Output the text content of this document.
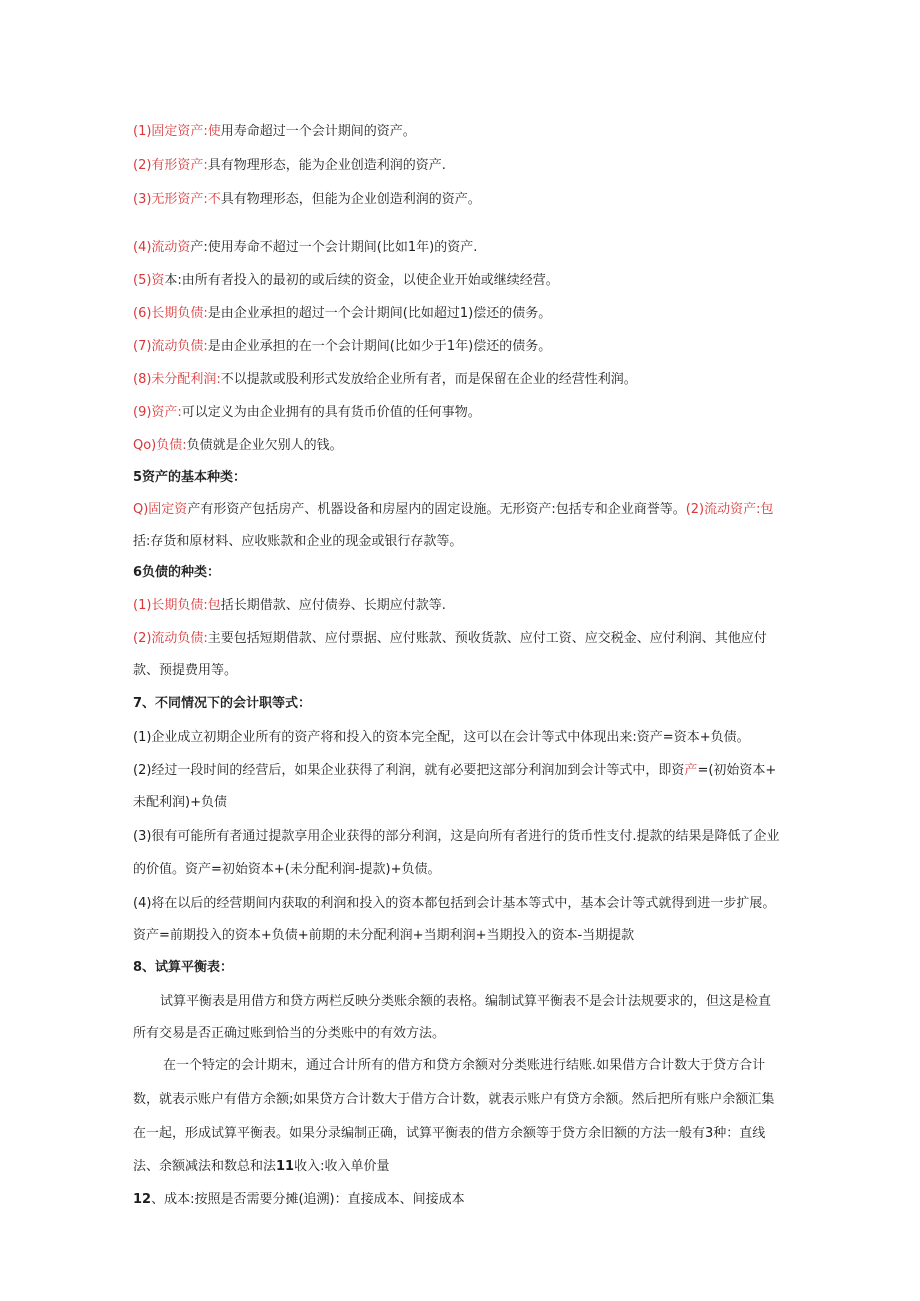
(1)固定资产:使用寿命超过一个会计期间的资产。
(2)有形资产:具有物理形态，能为企业创造利润的资产.
(3)无形资产:不具有物理形态，但能为企业创造利润的资产。
(4)流动资产:使用寿命不超过一个会计期间(比如1年)的资产.
(5)资本:由所有者投入的最初的或后续的资金，以使企业开始或继续经营。
(6)长期负债:是由企业承担的超过一个会计期间(比如超过1)偿还的债务。
(7)流动负债:是由企业承担的在一个会计期间(比如少于1年)偿还的债务。
(8)未分配利润:不以提款或股利形式发放给企业所有者，而是保留在企业的经营性利润。
(9)资产:可以定义为由企业拥有的具有货币价值的任何事物。
Qo)负债:负债就是企业欠别人的钱。
5资产的基本种类：
Q)固定资产有形资产包括房产、机器设备和房屋内的固定设施。无形资产:包括专和企业商誉等。(2)流动资产:包
括:存货和原材料、应收账款和企业的现金或银行存款等。
6负债的种类：
(1)长期负债:包括长期借款、应付债券、长期应付款等.
(2)流动负债:主要包括短期借款、应付票据、应付账款、预收货款、应付工资、应交税金、应付利润、其他应付
款、预提费用等。
7、不同情况下的会计职等式：
(1)企业成立初期企业所有的资产将和投入的资本完全配，这可以在会计等式中体现出来:资产=资本+负债。
(2)经过一段时间的经营后，如果企业获得了利润，就有必要把这部分利润加到会计等式中，即资产=(初始资本+
未配利润)+负债
(3)很有可能所有者通过提款享用企业获得的部分利润，这是向所有者进行的货币性支付.提款的结果是降低了企业
的价值。资产=初始资本+(未分配利润-提款)+负债。
(4)将在以后的经营期间内获取的利润和投入的资本都包括到会计基本等式中，基本会计等式就得到进一步扩展。
资产=前期投入的资本+负债+前期的未分配利润+当期利润+当期投入的资本-当期提款
8、试算平衡表：
试算平衡表是用借方和贷方两栏反映分类账余额的表格。编制试算平衡表不是会计法规要求的，但这是检直
所有交易是否正确过账到恰当的分类账中的有效方法。
在一个特定的会计期末，通过合计所有的借方和贷方余额对分类账进行结账.如果借方合计数大于贷方合计
数，就表示账户有借方余额;如果贷方合计数大于借方合计数，就表示账户有贷方余额。然后把所有账户余额汇集
在一起，形成试算平衡表。如果分录编制正确，试算平衡表的借方余额等于贷方余旧额的方法一般有3种：直线
法、余额减法和数总和法11收入:收入单价量
12、成本:按照是否需要分摊(追溯)：直接成本、间接成本
